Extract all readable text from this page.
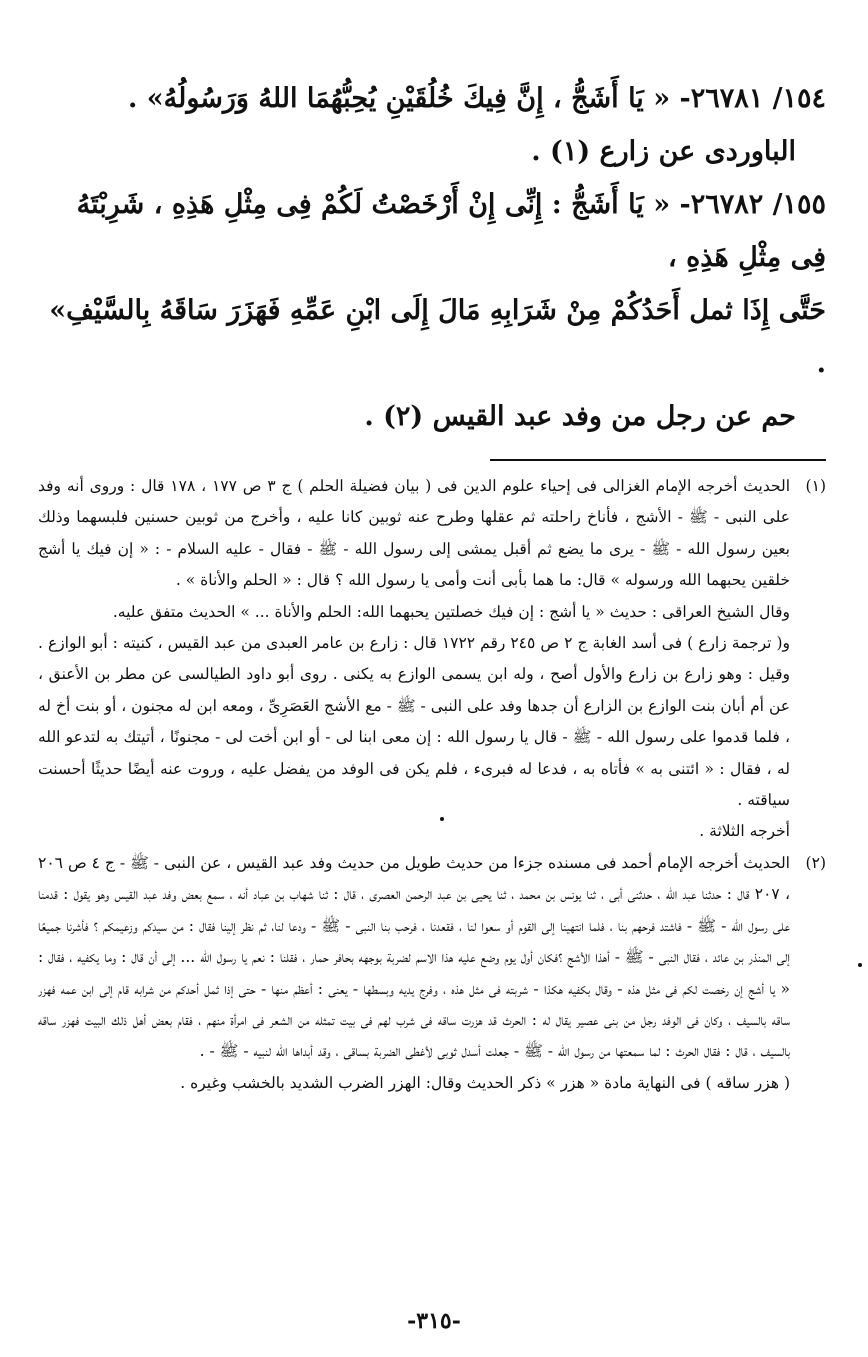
١٥٤/ ٢٦٧٨١- « يَا أَشَجُّ ، إِنَّ فِيكَ خُلُقَيْنِ يُحِبُّهُمَا اللهُ وَرَسُولُهُ» .

الباوردى عن زارع (١) .

١٥٥/ ٢٦٧٨٢- « يَا أَشَجُّ : إِنِّى إِنْ أَرْخَصْتُ لَكُمْ فِى مِثْلِ هَذِهِ ، شَرِبْتَهُ فِى مِثْلِ هَذِهِ ،

حَتَّى إِذَا ثمل أَحَدُكُمْ مِنْ شَرَابِهِ مَالَ إِلَى ابْنِ عَمِّهِ فَهَزَرَ سَاقَهُ بِالسَّيْفِ» .

حم عن رجل من وفد عبد القيس (٢) .

(١)

الحديث أخرجه الإمام الغزالى فى إحياء علوم الدين فى ( بيان فضيلة الحلم ) ج ٣ ص ١٧٧ ، ١٧٨ قال : وروى أنه وفد على النبى - ﷺ - الأشج ، فأناخ راحلته ثم عقلها وطرح عنه ثوبين كانا عليه ، وأخرج من ثوبين حسنين فلبسهما وذلك بعين رسول الله - ﷺ - يرى ما يضع ثم أقبل يمشى إلى رسول الله - ﷺ - فقال - عليه السلام - : « إن فيك يا أشج خلقين يحبهما الله ورسوله » قال: ما هما بأبى أنت وأمى يا رسول الله ؟ قال : « الحلم والأناة » .

وقال الشيخ العراقى : حديث « يا أشج : إن فيك خصلتين يحبهما الله: الحلم والأناة ... » الحديث متفق عليه.

و( ترجمة زارع ) فى أسد الغابة ج ٢ ص ٢٤٥ رقم ١٧٢٢ قال : زارع بن عامر العبدى من عبد القيس ، كنيته : أبو الوازع . وقيل : وهو زارع بن زارع والأول أصح ، وله ابن يسمى الوازع به يكنى . روى أبو داود الطيالسى عن مطر بن الأعنق ، عن أم أبان بنت الوازع بن الزارع أن جدها وفد على النبى - ﷺ - مع الأشج العَصَرِىِّ ، ومعه ابن له مجنون ، أو بنت أخ له ، فلما قدموا على رسول الله - ﷺ - قال يا رسول الله : إن معى ابنا لى - أو ابن أخت لى - مجنونًا ، أتيتك به لتدعو الله له ، فقال : « ائتنى به » فأتاه به ، فدعا له فبرىء ، فلم يكن فى الوفد من يفضل عليه ، وروت عنه أيضًا حديثًا أحسنت سياقته .

أخرجه الثلاثة .

(٢)

الحديث أخرجه الإمام أحمد فى مسنده جزءا من حديث طويل من حديث وفد عبد القيس ، عن النبى - ﷺ - ج ٤ ص ٢٠٦ ، ٢٠٧ قال : حدثنا عبد الله ، حدثنى أبى ، ثنا يونس بن محمد ، ثنا يحيى بن عبد الرحمن العصرى ، قال : ثنا شهاب بن عباد أنه ، سمع بعض وفد عبد القيس وهو يقول : قدمنا على رسول الله - ﷺ - فاشتد فرحهم بنا ، فلما انتهينا إلى القوم أو سعوا لنا ، فقعدنا ، فرحب بنا النبى - ﷺ - ودعا لنا، ثم نظر إلينا فقال : من سيدكم وزعيمكم ؟ فأشرنا جميعًا إلى المنذر بن عائد ، فقال النبى - ﷺ - أهذا الأشج ؟فكان أول يوم وضع عليه هذا الاسم لضربة بوجهه بحافر حمار ، فقلنا : نعم يا رسول الله ... إلى أن قال : وما يكفيه ، فقال : « يا أشج إن رخصت لكم فى مثل هذه - وقال بكفيه هكذا - شربته فى مثل هذه ، وفرج يديه وبسطها - يعنى : أعظم منها - حتى إذا ثمل أحدكم من شرابه قام إلى ابن عمه فهزر ساقه بالسيف ، وكان فى الوفد رجل من بنى عصير يقال له : الحرث قد هزرت ساقه فى شرب لهم فى بيت تمثله من الشعر فى امرأة منهم ، فقام بعض أهل ذلك البيت فهزر ساقه بالسيف ، قال : فقال الحرث : لما سمعتها من رسول الله - ﷺ - جعلت أسدل ثوبى لأغطى الضربة بساقى ، وقد أبداها الله لنبيه - ﷺ - .

( هزر ساقه ) فى النهاية مادة « هزر » ذكر الحديث وقال: الهزر الضرب الشديد بالخشب وغيره .

-٣١٥-
